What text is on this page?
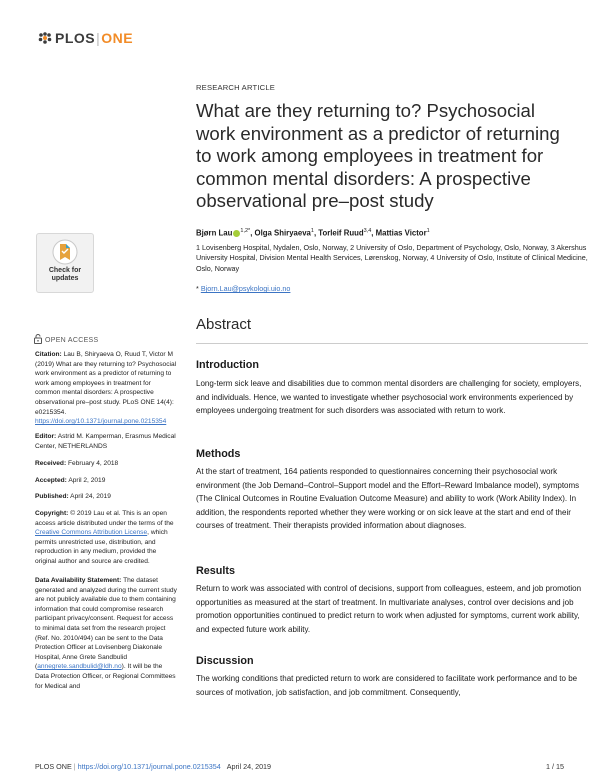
PLOS|ONE
RESEARCH ARTICLE
What are they returning to? Psychosocial work environment as a predictor of returning to work among employees in treatment for common mental disorders: A prospective observational pre–post study
Bjørn Lau $^{1,2*}$, Olga Shiryaeva$^1$, Torleif Ruud$^{3,4}$, Mattias Victor$^1$
1 Lovisenberg Hospital, Nydalen, Oslo, Norway, 2 University of Oslo, Department of Psychology, Oslo, Norway, 3 Akershus University Hospital, Division Mental Health Services, Lørenskog, Norway, 4 University of Oslo, Institute of Clinical Medicine, Oslo, Norway
* Bjorn.Lau@psykologi.uio.no
Abstract
Introduction
Long-term sick leave and disabilities due to common mental disorders are challenging for society, employers, and individuals. Hence, we wanted to investigate whether psychosocial work environments experienced by employees undergoing treatment for such disorders was associated with return to work.
Methods
At the start of treatment, 164 patients responded to questionnaires concerning their psychosocial work environment (the Job Demand–Control–Support model and the Effort–Reward Imbalance model), symptoms (The Clinical Outcomes in Routine Evaluation Outcome Measure) and ability to work (Work Ability Index). In addition, the respondents reported whether they were working or on sick leave at the start and end of their courses of treatment. Their therapists provided information about diagnoses.
Results
Return to work was associated with control of decisions, support from colleagues, esteem, and job promotion opportunities as measured at the start of treatment. In multivariate analyses, control over decisions and job promotion opportunities continued to predict return to work when adjusted for symptoms, current work ability, and expected future work ability.
Discussion
The working conditions that predicted return to work are considered to facilitate work performance and to be sources of motivation, job satisfaction, and job commitment. Consequently,
Check for
updates
OPEN ACCESS
Citation: Lau B, Shiryaeva O, Ruud T, Victor M (2019) What are they returning to? Psychosocial work environment as a predictor of returning to work among employees in treatment for common mental disorders: A prospective observational pre–post study. PLoS ONE 14(4): e0215354. https://doi.org/10.1371/journal.pone.0215354
Editor: Astrid M. Kamperman, Erasmus Medical Center, NETHERLANDS
Received: February 4, 2018
Accepted: April 2, 2019
Published: April 24, 2019
Copyright: © 2019 Lau et al. This is an open access article distributed under the terms of the Creative Commons Attribution License, which permits unrestricted use, distribution, and reproduction in any medium, provided the original author and source are credited.
Data Availability Statement: The dataset generated and analyzed during the current study are not publicly available due to them containing information that could compromise research participant privacy/consent. Request for access to minimal data set from the research project (Ref. No. 2010/494) can be sent to the Data Protection Officer at Lovisenberg Diakonale Hospital, Anne Grete Sandbulid (annegrete.sandbulid@ldh.no). It will be the Data Protection Officer, or Regional Committees for Medical and
PLOS ONE | https://doi.org/10.1371/journal.pone.0215354 April 24, 2019	1 / 15
